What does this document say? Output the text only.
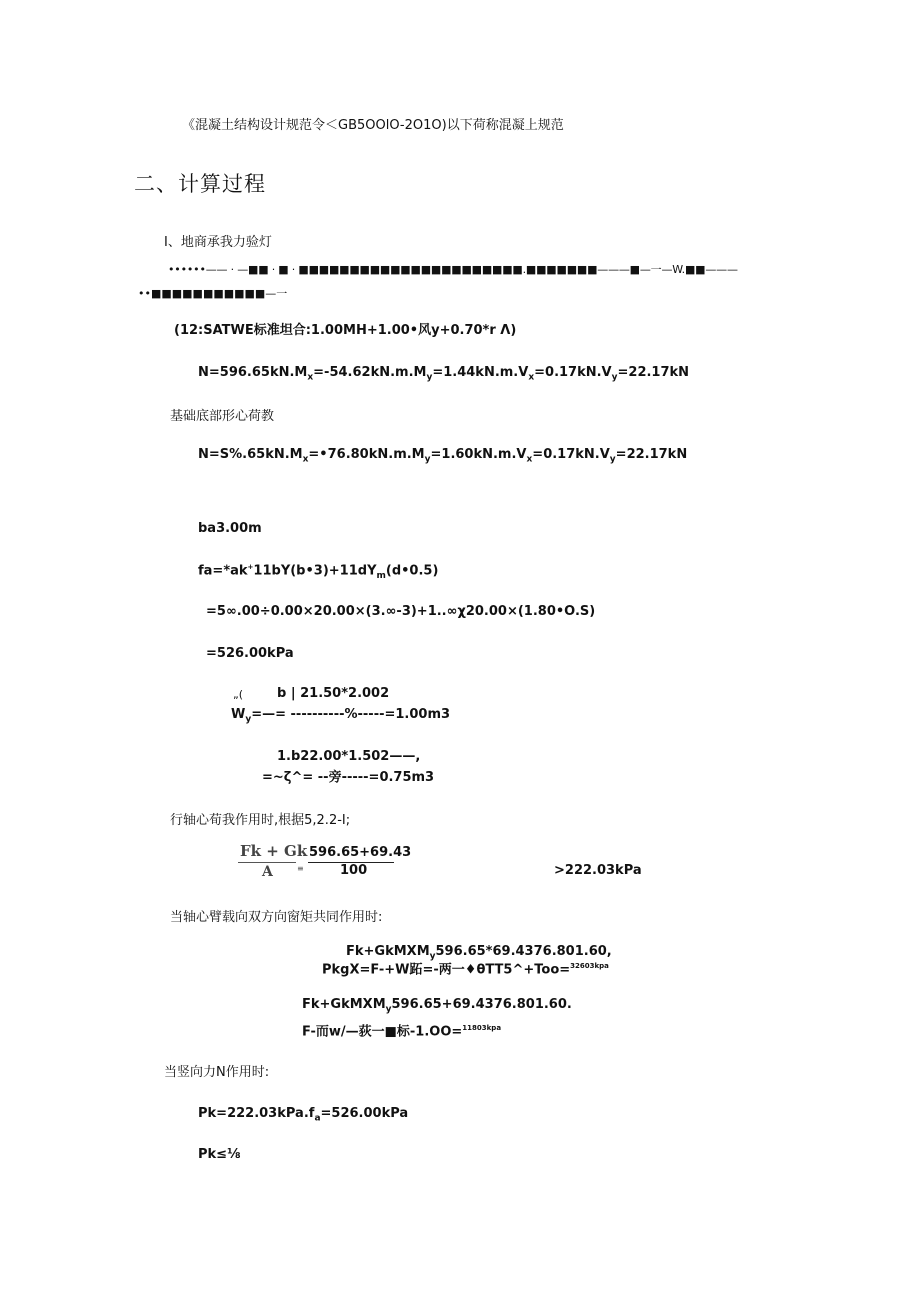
《混凝土结构设计规范令＜GB5OOlO-2O1O)以下荷称混凝上规范
二、计算过程
I、地商承我力验灯
••••••—— · —■■ · ■ · ■■■■■■■■■■■■■■■■■■■■■■.■■■■■■■———■—一—W.■■———
••■■■■■■■■■■■—一
(12:SATWE标准坦合:1.00MH+1.00•风y+0.70*r Λ)
$N=596.65kN.M_x=-54.62kN.m.M_y=1.44kN.m.V_x=0.17kN.V_y=22.17kN$
基础底部形心荷教
$N=S\%.65kN.M_x=•76.80kN.m.M_y=1.60kN.m.V_x=0.17kN.V_y=22.17kN$
ba3.00m
$fa=*ak^+11bY(b•3)+11dY_m(d•0.5)$
=5∞.00÷0.00×20.00×(3.∞-3)+1..∞χ20.00×(1.80•O.S)
=526.00kPa
„(	b | 21.50*2.002
$W_y=—= ----------\%-----=1.00m3$
1.b22.00*1.502——,
=~ζ^= --旁-----=0.75m3
行轴心荀我作用时,根据5,2.2-I;
Fk + Gk
A	≡
596.65+69.43
100	>222.03kPa
当轴心臂载向双方向窗矩共同作用时:
Fk+GkMXM$_y$596.65*69.4376.801.60,
PkgX=F-+W跖=-两一♦θTT5^+Too=$^{32603kpa}$
Fk+GkMXM$_y$596.65+69.4376.801.60.
F-而w/—荻一■标-1.OO=$^{11803kpa}$
当竖向力N作用时:
$Pk=222.03kPa.f_a=526.00kPa$
Pk≤⅛
